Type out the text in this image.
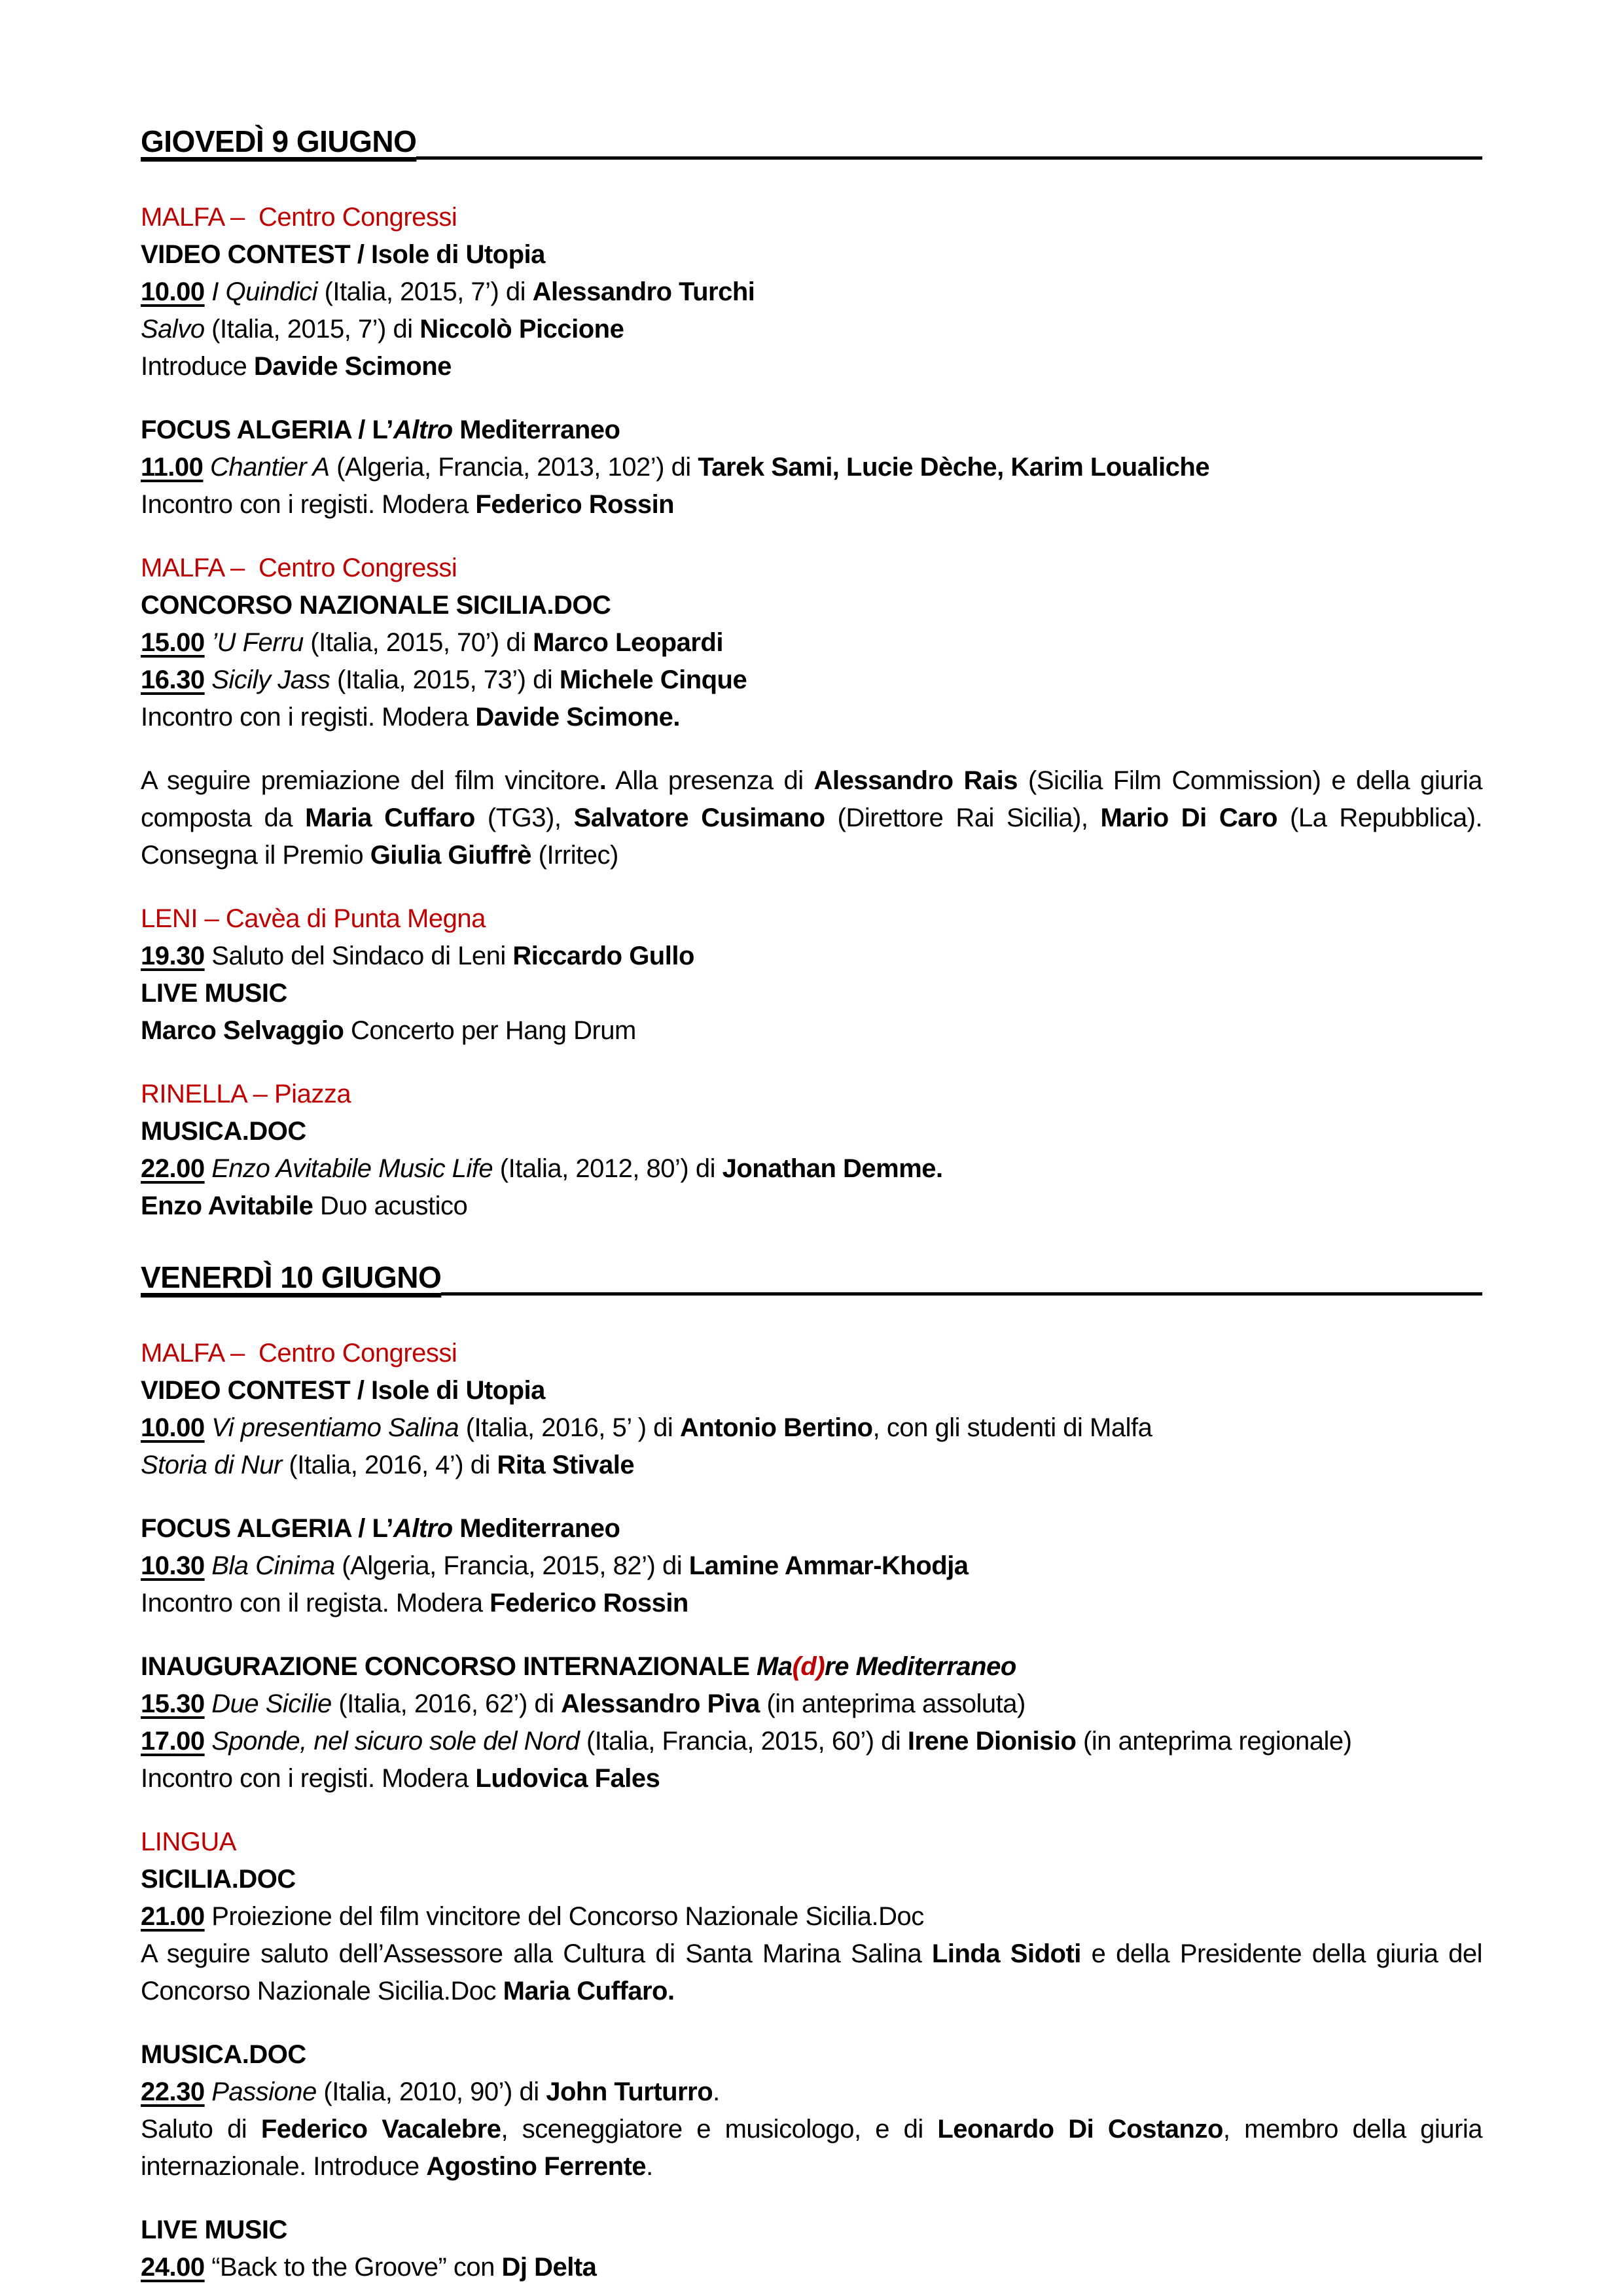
GIOVEDÌ 9 GIUGNO
MALFA –  Centro Congressi

VIDEO CONTEST / Isole di Utopia

10.00 I Quindici (Italia, 2015, 7’) di Alessandro Turchi

Salvo (Italia, 2015, 7’) di Niccolò Piccione

Introduce Davide Scimone

FOCUS ALGERIA / L’Altro Mediterraneo

11.00 Chantier A (Algeria, Francia, 2013, 102’) di Tarek Sami, Lucie Dèche, Karim Loualiche

Incontro con i registi. Modera Federico Rossin

MALFA –  Centro Congressi

CONCORSO NAZIONALE SICILIA.DOC

15.00 ’U Ferru (Italia, 2015, 70’) di Marco Leopardi

16.30 Sicily Jass (Italia, 2015, 73’) di Michele Cinque

Incontro con i registi. Modera Davide Scimone.

A seguire premiazione del film vincitore. Alla presenza di Alessandro Rais (Sicilia Film Commission) e della giuria composta da Maria Cuffaro (TG3), Salvatore Cusimano (Direttore Rai Sicilia), Mario Di Caro (La Repubblica). Consegna il Premio Giulia Giuffrè (Irritec)

LENI – Cavèa di Punta Megna

19.30 Saluto del Sindaco di Leni Riccardo Gullo

LIVE MUSIC

Marco Selvaggio Concerto per Hang Drum

RINELLA – Piazza

MUSICA.DOC

22.00 Enzo Avitabile Music Life (Italia, 2012, 80’) di Jonathan Demme.

Enzo Avitabile Duo acustico

VENERDÌ 10 GIUGNO
MALFA –  Centro Congressi

VIDEO CONTEST / Isole di Utopia

10.00 Vi presentiamo Salina (Italia, 2016, 5’ ) di Antonio Bertino, con gli studenti di Malfa

Storia di Nur (Italia, 2016, 4’) di Rita Stivale

FOCUS ALGERIA / L’Altro Mediterraneo

10.30 Bla Cinima (Algeria, Francia, 2015, 82’) di Lamine Ammar-Khodja

Incontro con il regista. Modera Federico Rossin

INAUGURAZIONE CONCORSO INTERNAZIONALE Ma(d)re Mediterraneo

15.30 Due Sicilie (Italia, 2016, 62’) di Alessandro Piva (in anteprima assoluta)

17.00 Sponde, nel sicuro sole del Nord (Italia, Francia, 2015, 60’) di Irene Dionisio (in anteprima regionale)

Incontro con i registi. Modera Ludovica Fales

LINGUA

SICILIA.DOC

21.00 Proiezione del film vincitore del Concorso Nazionale Sicilia.Doc

A seguire saluto dell’Assessore alla Cultura di Santa Marina Salina Linda Sidoti e della Presidente della giuria del Concorso Nazionale Sicilia.Doc Maria Cuffaro.

MUSICA.DOC

22.30 Passione (Italia, 2010, 90’) di John Turturro.

Saluto di Federico Vacalebre, sceneggiatore e musicologo, e di Leonardo Di Costanzo, membro della giuria internazionale. Introduce Agostino Ferrente.

LIVE MUSIC

24.00 “Back to the Groove” con Dj Delta
